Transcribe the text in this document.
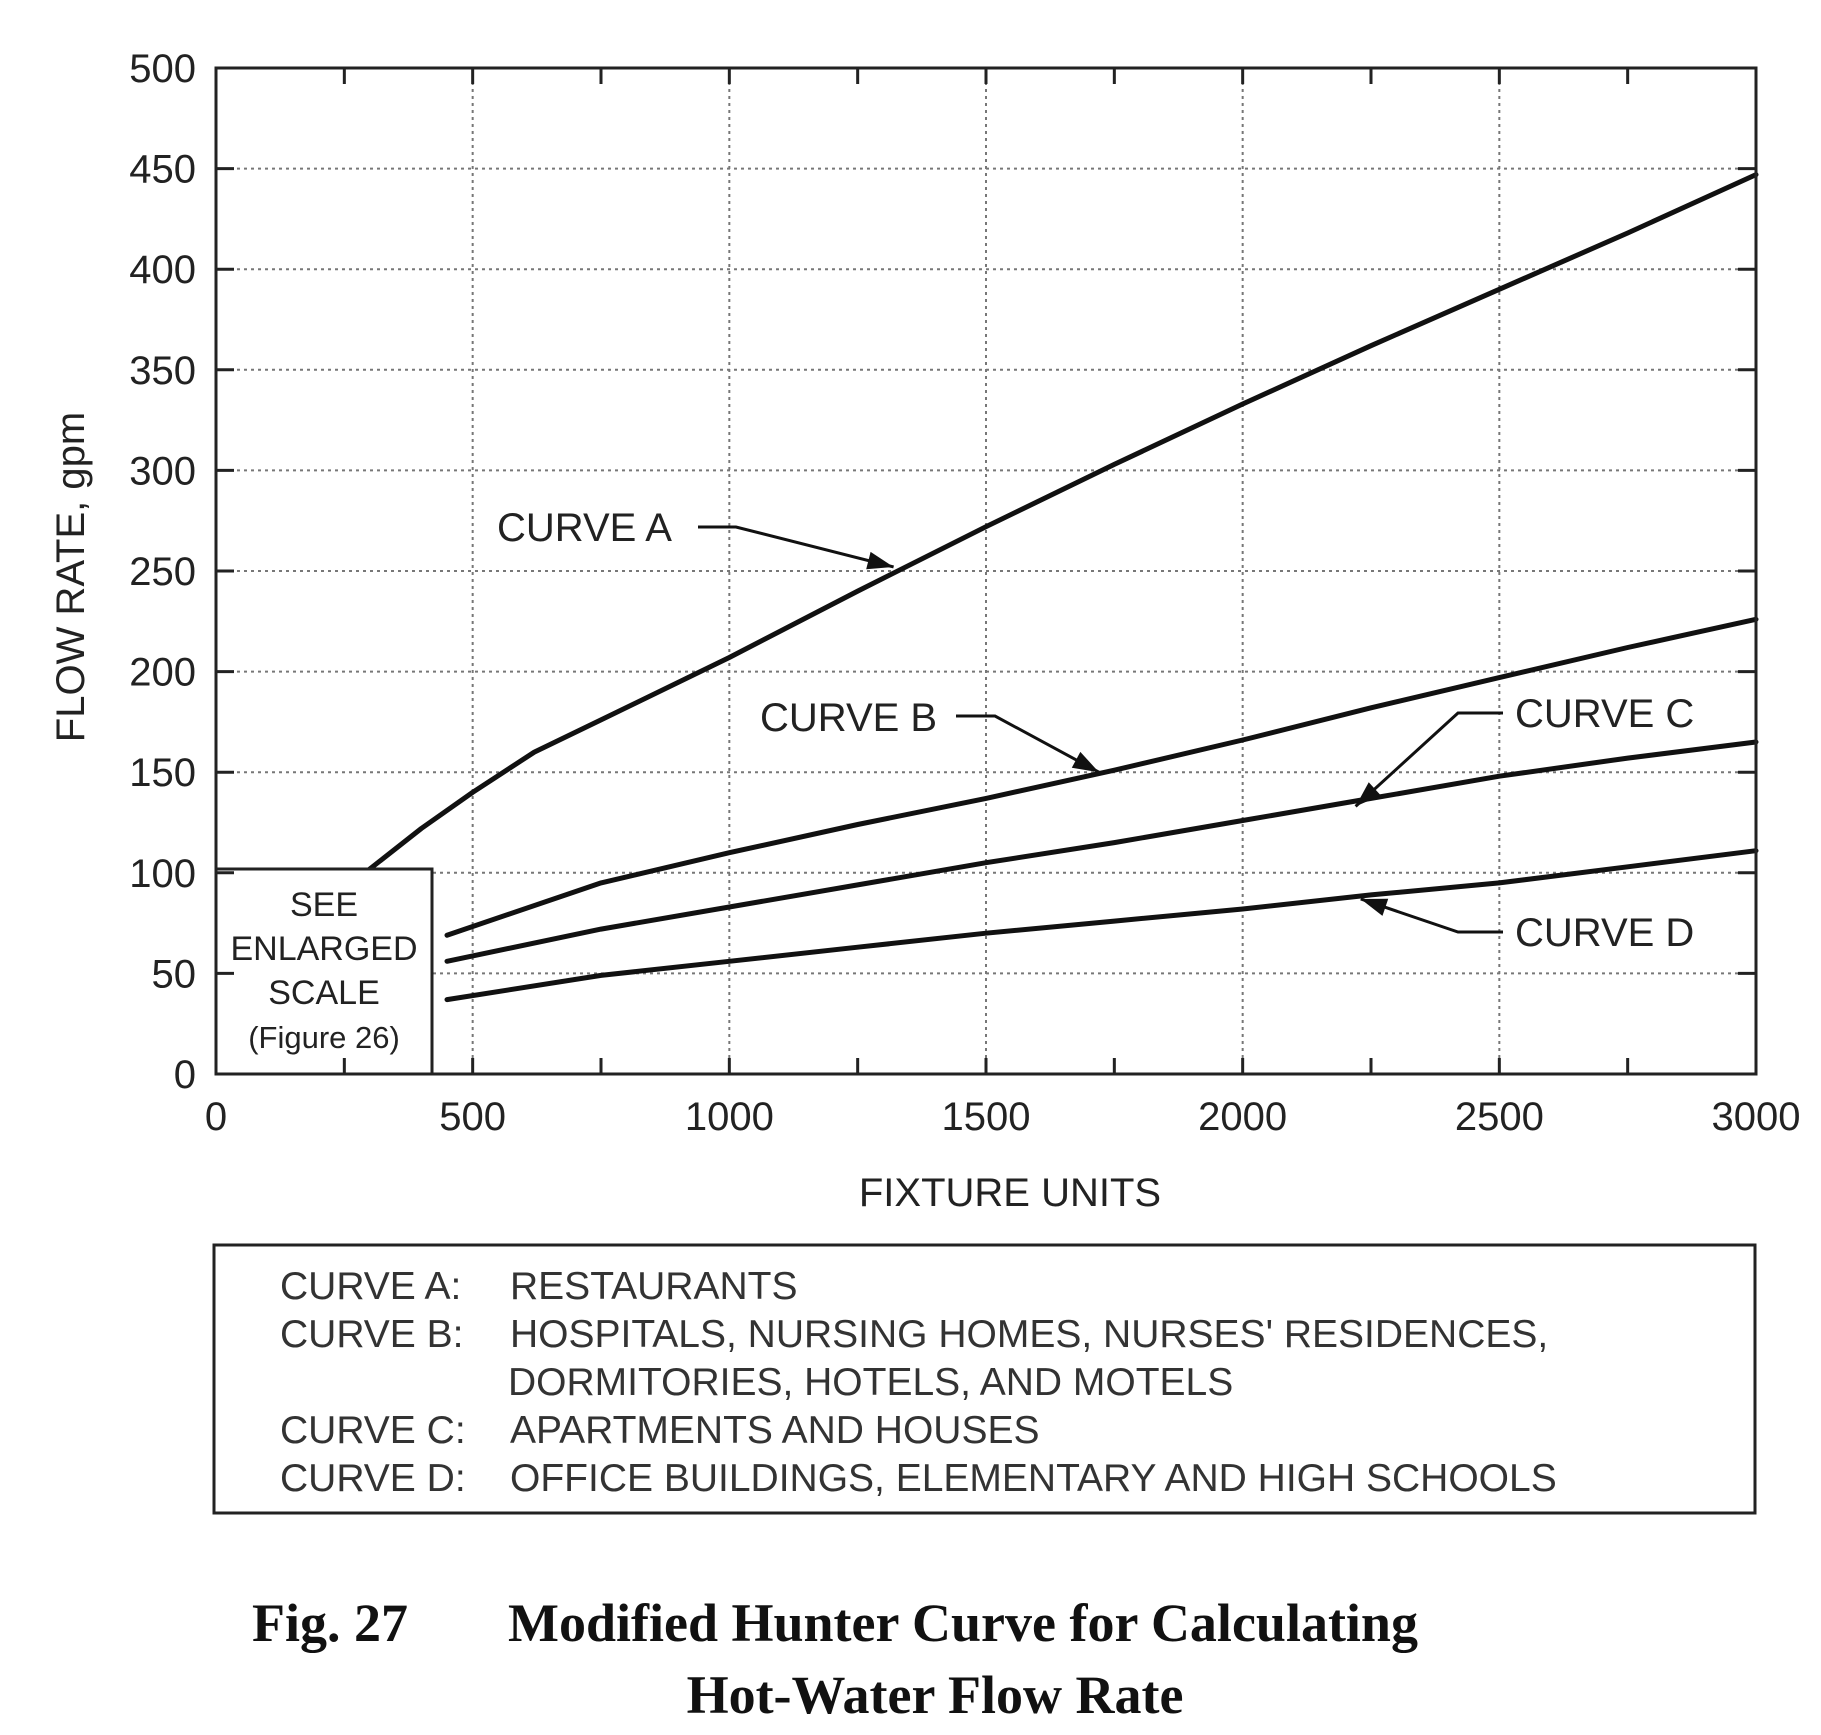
SEE
ENLARGED
SCALE
(Figure 26)
0	500	1000	1500	2000	2500	3000
0
50
100
150
200
250
300
350
400
450
500
CURVE A
CURVE B	CURVE C
CURVE D
FIXTURE UNITS
FLOW RATE, gpm
CURVE A: RESTAURANTS
CURVE B: HOSPITALS, NURSING HOMES, NURSES' RESIDENCES,
DORMITORIES, HOTELS, AND MOTELS
CURVE C: APARTMENTS AND HOUSES
CURVE D: OFFICE BUILDINGS, ELEMENTARY AND HIGH SCHOOLS
Fig. 27 Modified Hunter Curve for Calculating
Hot-Water Flow Rate
